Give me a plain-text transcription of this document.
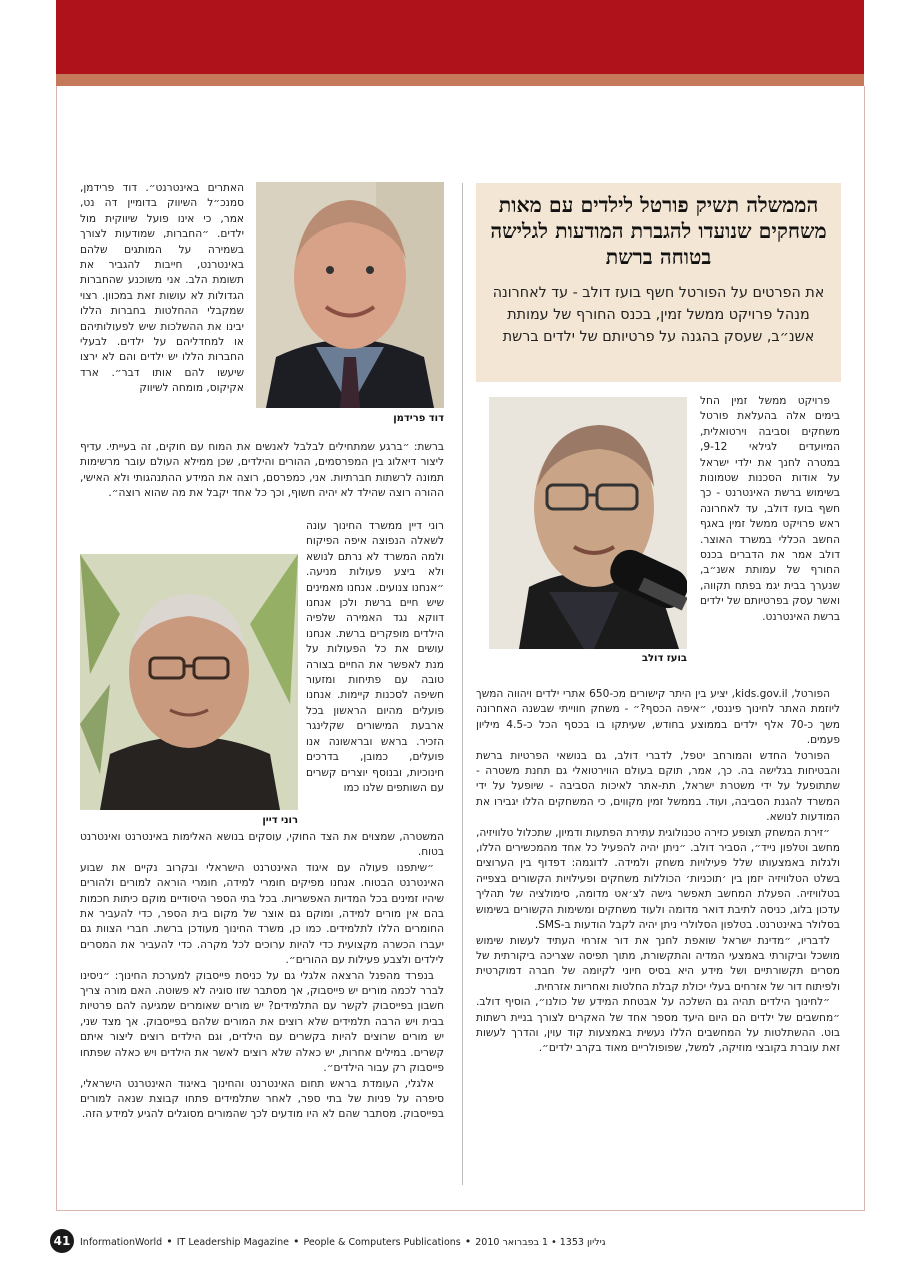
הממשלה תשיק פורטל לילדים עם מאות משחקים שנועדו להגברת המודעות לגלישה בטוחה ברשת
את הפרטים על הפורטל חשף בועז דולב - עד לאחרונה מנהל פרויקט ממשל זמין, בכנס החורף של עמותת אשנ״ב, שעסק בהגנה על פרטיותם של ילדים ברשת
בועז דולב

פרויקט ממשל זמין החל בימים אלה בהעלאת פורטל משחקים וסביבה וירטואלית, המיועדים לגילאי 9-12, במטרה לחנך את ילדי ישראל על אודות הסכנות שטמונות בשימוש ברשת האינטרנט - כך חשף בועז דולב, עד לאחרונה ראש פרויקט ממשל זמין באגף החשב הכללי במשרד האוצר. דולב אמר את הדברים בכנס החורף של עמותת אשנ״ב, שנערך בבית יגמ בפתח תקווה, ואשר עסק בפרטיותם של ילדים ברשת האינטרנט.

הפורטל, kids.gov.il, יציע בין היתר קישורים מכ-650 אתרי ילדים ויהווה המשך ליוזמת האתר לחינוך פיננסי, ״איפה הכסף?״ - משחק חווייתי שבשנה האחרונה משך כ-70 אלף ילדים בממוצע בחודש, שעיתקו בו בכסף הכל כ-4.5 מיליון פעמים.

הפורטל החדש והמורחב יטפל, לדברי דולב, גם בנושאי הפרטיות ברשת והבטיחות בגלישה בה. כך, אמר, תוקם בעולם הווירטואלי גם תחנת משטרה - שתתופעל על ידי משטרת ישראל, תת-אתר לאיכות הסביבה - שיופעל על ידי המשרד להגנת הסביבה, ועוד. בממשל זמין מקווים, כי המשחקים הללו יגבירו את המודעות לנושא.

״זירת המשחק תצופע כזירה טכנולוגית עתירת הפתעות ודמיון, שתכלול טלוויזיה, מחשב וטלפון נייד״, הסביר דולב. ״ניתן יהיה להפעיל כל אחד מהמכשירים הללו, ולגלות באמצעותו שלל פעילויות משחק ולמידה. לדוגמה: דפדוף בין הערוצים בשלט הטלוויזיה יזמן בין ׳תוכניות׳ הכוללות משחקים ופעילויות הקשורים בצפייה בטלוויזיה. הפעלת המחשב תאפשר גישה לצ׳אט מדומה, סימולציה של תהליך עדכון בלוג, כניסה לתיבת דואר מדומה ולעוד משחקים ומשימות הקשורים בשימוש בסלולר באינטרנט. בטלפון הסלולרי ניתן יהיה לקבל הודעות ב-SMS.

לדבריו, ״מדינת ישראל שואפת לחנך את דור אזרחי העתיד לעשות שימוש מושכל וביקורתי באמצעי המדיה והתקשורת, מתוך תפיסה שצריכה ביקורתית של מסרים תקשורתיים ושל מידע היא בסיס חיוני לקיומה של חברה דמוקרטית ולפיתוח דור של אזרחים בעלי יכולת קבלת החלטות ואחריות אזרחית.

״לחינוך הילדים תהיה גם השלכה על אבטחת המידע של כולנו״, הוסיף דולב. ״מחשבים של ילדים הם היום היעד מספר אחד של האקרים לצורך בניית רשתות בוט. ההשתלטות על המחשבים הללו נעשית באמצעות קוד עוין, והדרך לעשות זאת עוברת בקובצי מוזיקה, למשל, שפופולריים מאוד בקרב ילדים״.

דוד פרידמן

האתרים באינטרנט״. דוד פרידמן, סמנכ״ל השיווק בדומיין דה נט, אמר, כי אינו פועל שיווקית מול ילדים. ״החברות, שמודעות לצורך בשמירה על המותגים שלהם באינטרנט, חייבות להגביר את תשומת הלב. אני משוכנע שהחברות הגדולות לא עושות זאת במכוון. רצוי שמקבלי ההחלטות בחברות הללו יבינו את ההשלכות שיש לפעולותיהם או למחדליהם על ילדים. לבעלי החברות הללו יש ילדים והם לא ירצו שיעשו להם אותו דבר״. ארד אקיקוס, מומחה לשיווק

ברשת: ״ברגע שמתחילים לבלבל לאנשים את המוח עם חוקים, זה בעייתי. עדיף ליצור דיאלוג בין המפרסמים, ההורים והילדים, שכן ממילא העולם עובר מרשימות תמונה לרשתות חברתיות. אני, כמפרסם, רוצה את המידע ההתנהגותי ולא האישי, ההורה רוצה שהילד לא יהיה חשוף, וכך כל אחד יקבל את מה שהוא רוצה״.

רוני דיין

רוני דיין ממשרד החינוך עונה לשאלה הנפוצה איפה הפיקוח ולמה המשרד לא נרתם לנושא ולא ביצע פעולות מניעה. ״אנחנו צנועים. אנחנו מאמינים שיש חיים ברשת ולכן אנחנו דווקא נגד האמירה שלפיה הילדים מופקרים ברשת. אנחנו עושים את כל הפעולות על מנת לאפשר את החיים בצורה טובה עם פתיחות ומזעור חשיפה לסכנות קיימות. אנחנו פועלים מהיום הראשון בכל ארבעת המישורים שקלינגר הזכיר. בראש ובראשונה אנו פועלים, כמובן, בדרכים חינוכיות, ובנוסף יוצרים קשרים עם השותפים שלנו כמו

המשטרה, שמצוים את הצד החוקי, עוסקים בנושא האלימות באינטרנט ואינטרנט בטוח.

״שיתפנו פעולה עם איגוד האינטרנט הישראלי ובקרוב נקיים את שבוע האינטרנט הבטוח. אנחנו מפיקים חומרי למידה, חומרי הוראה למורים ולהורים שיהיו זמינים בכל המדיות האפשריות. בכל בתי הספר היסודיים מוקם כיתות חכמות בהם אין מורים למידה, ומוקם גם אוצר של מקום בית הספר, כדי להעביר את החומרים הללו לתלמידים. כמו כן, משרד החינוך מעודכן ברשת. חברי הצוות גם יעברו הכשרה מקצועית כדי להיות ערוכים לכל מקרה. כדי להעביר את המסרים לילדים ולצבע פעילות עם ההורים״.

בנפרד מהפנל הרצאה אלגלי גם על כניסת פייסבוק למערכת החינוך: ״ניסינו לברר לכמה מורים יש פייסבוק, אך מסתבר שזו סוגיה לא פשוטה. האם מורה צריך חשבון בפייסבוק לקשר עם התלמידים? יש מורים שאומרים שמגיעה להם פרטיות בבית ויש הרבה תלמידים שלא רוצים את המורים שלהם בפייסבוק. אך מצד שני, יש מורים שרוצים להיות בקשרים עם הילדים, וגם הילדים רוצים ליצור איתם קשרים. במילים אחרות, יש כאלה שלא רוצים לאשר את הילדים ויש כאלה שפתחו פייסבוק רק עבור הילדים״.

אלגלי, העומדת בראש תחום האינטרנט והחינוך באיגוד האינטרנט הישראלי, סיפרה על פניות של בתי ספר, לאחר שתלמידים פתחו קבוצת שנאה למורים בפייסבוק. מסתבר שהם לא היו מודעים לכך שהמורים מסוגלים להגיע למידע הזה.

41	InformationWorld • IT Leadership Magazine • People & Computers Publications • גיליון 1353 • 1 בפברואר 2010
